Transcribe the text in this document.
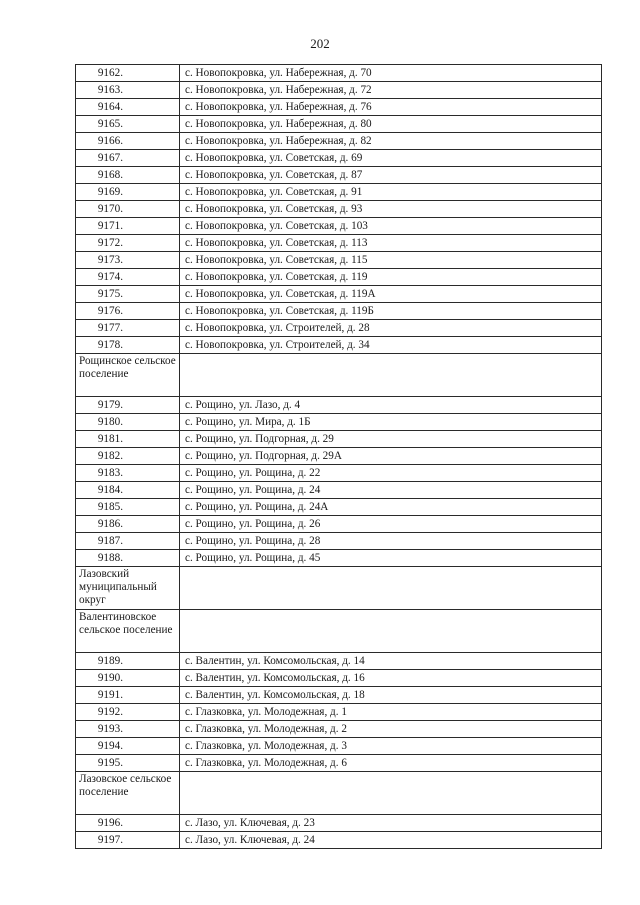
202
9162.	с. Новопокровка, ул. Набережная, д. 70
9163.	с. Новопокровка, ул. Набережная, д. 72
9164.	с. Новопокровка, ул. Набережная, д. 76
9165.	с. Новопокровка, ул. Набережная, д. 80
9166.	с. Новопокровка, ул. Набережная, д. 82
9167.	с. Новопокровка, ул. Советская, д. 69
9168.	с. Новопокровка, ул. Советская, д. 87
9169.	с. Новопокровка, ул. Советская, д. 91
9170.	с. Новопокровка, ул. Советская, д. 93
9171.	с. Новопокровка, ул. Советская, д. 103
9172.	с. Новопокровка, ул. Советская, д. 113
9173.	с. Новопокровка, ул. Советская, д. 115
9174.	с. Новопокровка, ул. Советская, д. 119
9175.	с. Новопокровка, ул. Советская, д. 119А
9176.	с. Новопокровка, ул. Советская, д. 119Б
9177.	с. Новопокровка, ул. Строителей, д. 28
9178.	с. Новопокровка, ул. Строителей, д. 34
Рощинское сельское поселение	
9179.	с. Рощино, ул. Лазо, д. 4
9180.	с. Рощино, ул. Мира, д. 1Б
9181.	с. Рощино, ул. Подгорная, д. 29
9182.	с. Рощино, ул. Подгорная, д. 29А
9183.	с. Рощино, ул. Рощина, д. 22
9184.	с. Рощино, ул. Рощина, д. 24
9185.	с. Рощино, ул. Рощина, д. 24А
9186.	с. Рощино, ул. Рощина, д. 26
9187.	с. Рощино, ул. Рощина, д. 28
9188.	с. Рощино, ул. Рощина, д. 45
Лазовский муниципальный округ	
Валентиновское сельское поселение	
9189.	с. Валентин, ул. Комсомольская, д. 14
9190.	с. Валентин, ул. Комсомольская, д. 16
9191.	с. Валентин, ул. Комсомольская, д. 18
9192.	с. Глазковка, ул. Молодежная, д. 1
9193.	с. Глазковка, ул. Молодежная, д. 2
9194.	с. Глазковка, ул. Молодежная, д. 3
9195.	с. Глазковка, ул. Молодежная, д. 6
Лазовское сельское поселение	
9196.	с. Лазо, ул. Ключевая, д. 23
9197.	с. Лазо, ул. Ключевая, д. 24
